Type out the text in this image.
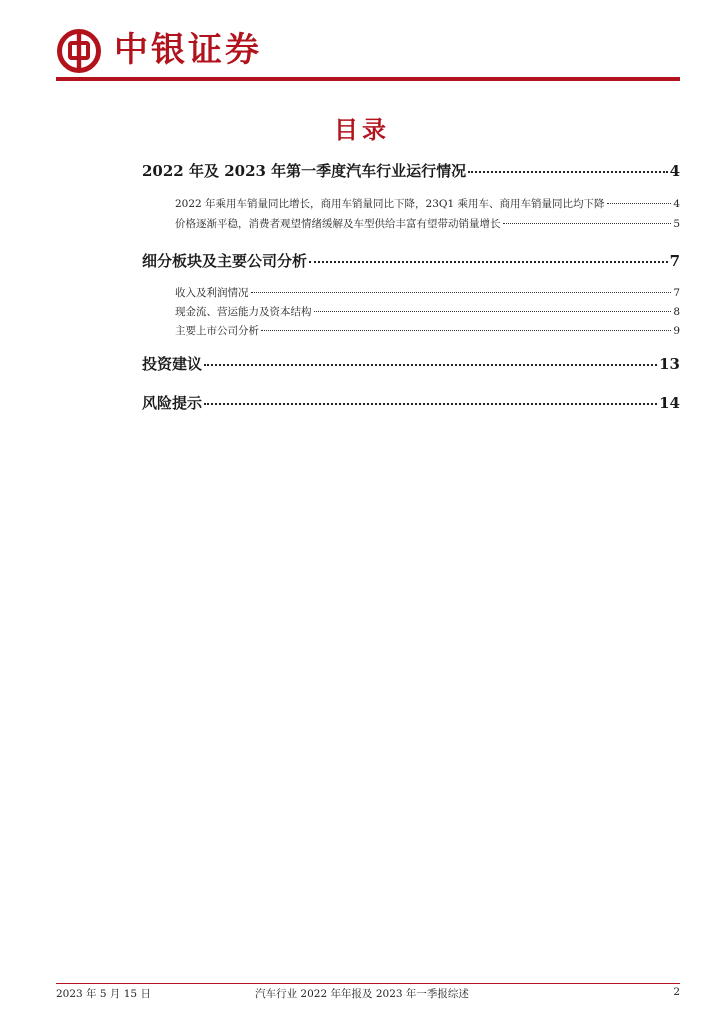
中银证券
目录
2022 年及 2023 年第一季度汽车行业运行情况	4
2022 年乘用车销量同比增长，商用车销量同比下降，23Q1 乘用车、商用车销量同比均下降	4
价格逐渐平稳，消费者观望情绪缓解及车型供给丰富有望带动销量增长	5
细分板块及主要公司分析	7
收入及利润情况	7
现金流、营运能力及资本结构	8
主要上市公司分析	9
投资建议	13
风险提示	14
2023 年 5 月 15 日	汽车行业 2022 年年报及 2023 年一季报综述	2
